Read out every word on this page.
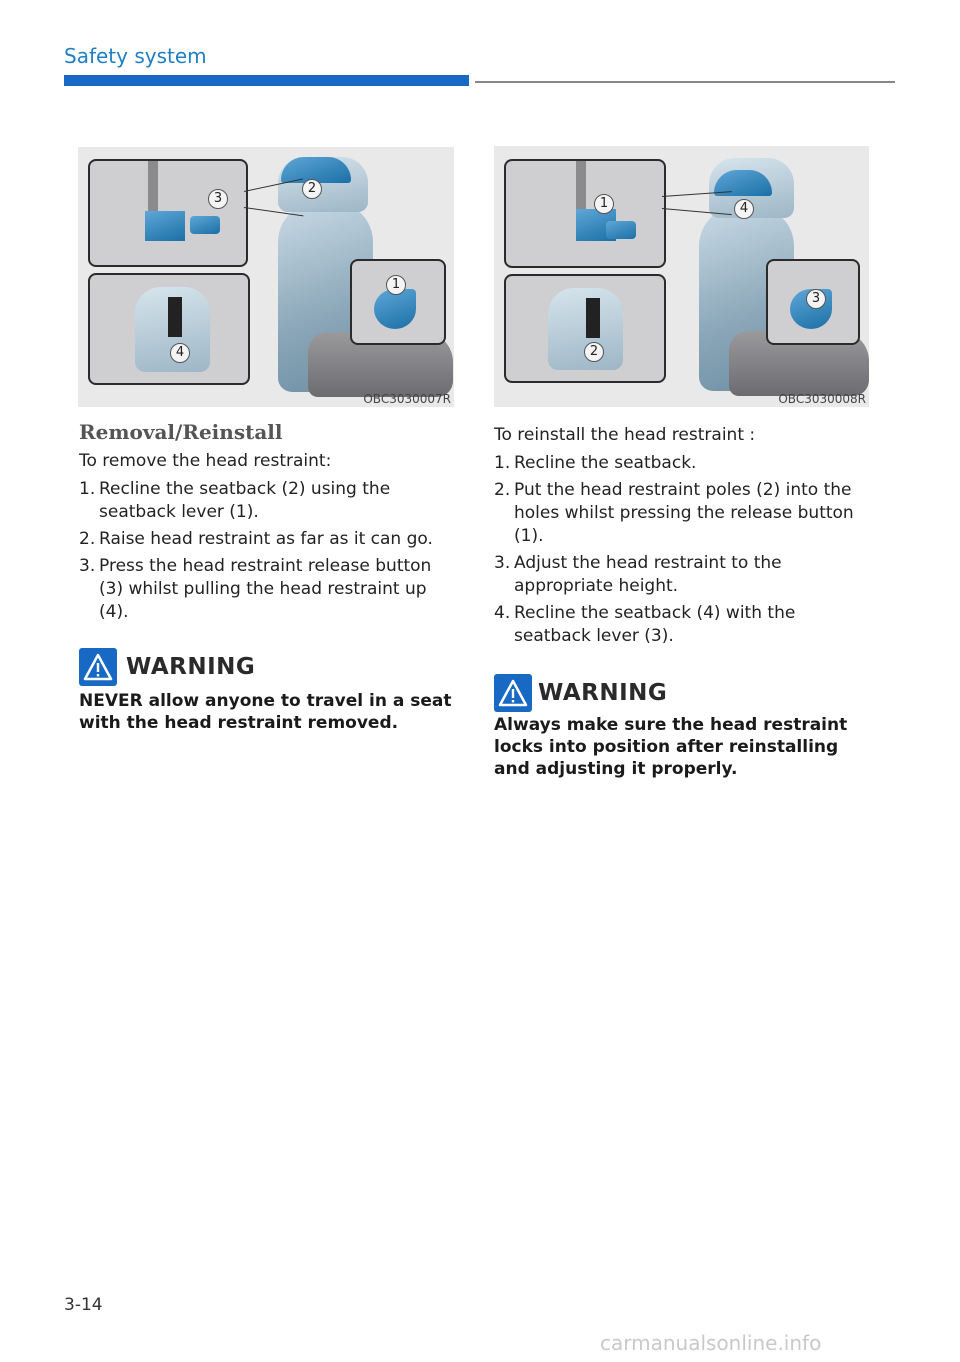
Safety system
1
2
3
4
OBC3030007R
1
2
3
4
OBC3030008R
Removal/Reinstall
To remove the head restraint:
1. Recline the seatback (2) using the seatback lever (1).
2. Raise head restraint as far as it can go.
3. Press the head restraint release button (3) whilst pulling the head restraint up (4).
WARNING
NEVER allow anyone to travel in a seat with the head restraint removed.
To reinstall the head restraint :
1. Recline the seatback.
2. Put the head restraint poles (2) into the holes whilst pressing the release button (1).
3. Adjust the head restraint to the appropriate height.
4. Recline the seatback (4) with the seatback lever (3).
WARNING
Always make sure the head restraint locks into position after reinstalling and adjusting it properly.
3-14
carmanualsonline.info
